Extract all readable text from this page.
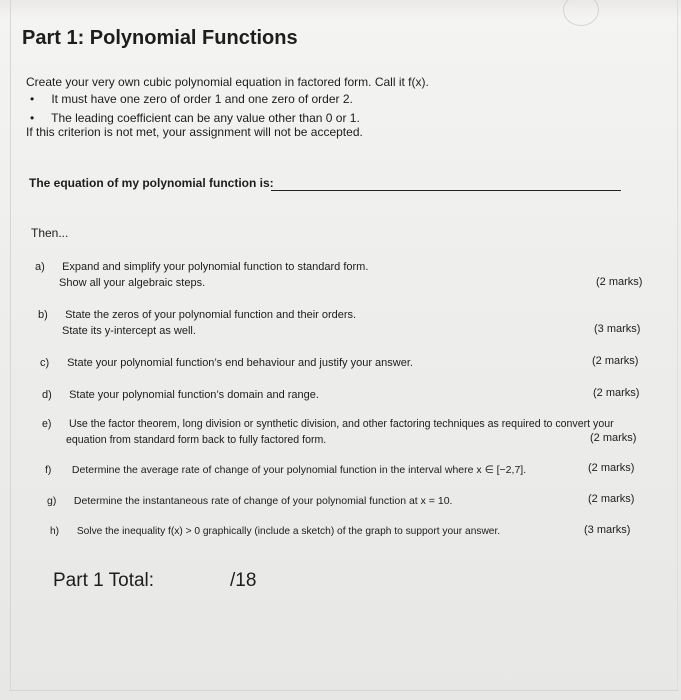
Part 1: Polynomial Functions
Create your very own cubic polynomial equation in factored form. Call it f(x).
• It must have one zero of order 1 and one zero of order 2.
• The leading coefficient can be any value other than 0 or 1.
If this criterion is not met, your assignment will not be accepted.
The equation of my polynomial function is:
Then...
a) Expand and simplify your polynomial function to standard form.
Show all your algebraic steps.	(2 marks)
b) State the zeros of your polynomial function and their orders.
State its y-intercept as well.	(3 marks)
c) State your polynomial function’s end behaviour and justify your answer.	(2 marks)
d) State your polynomial function’s domain and range.	(2 marks)
e) Use the factor theorem, long division or synthetic division, and other factoring techniques as required to convert your
equation from standard form back to fully factored form.	(2 marks)
f) Determine the average rate of change of your polynomial function in the interval where x ∈ [−2,7].	(2 marks)
g) Determine the instantaneous rate of change of your polynomial function at x = 10.	(2 marks)
h) Solve the inequality f(x) > 0 graphically (include a sketch) of the graph to support your answer.	(3 marks)
Part 1 Total:	/18
